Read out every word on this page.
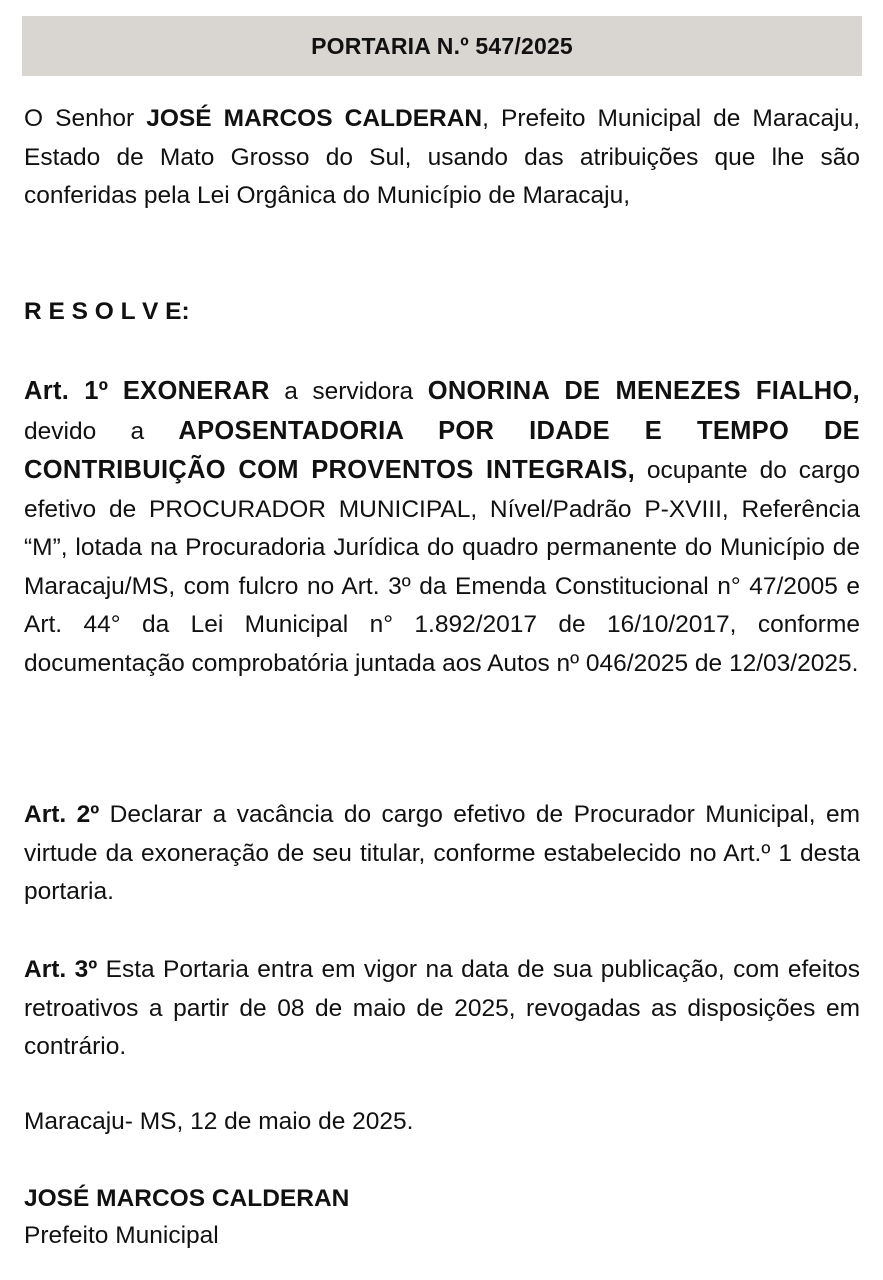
PORTARIA N.º 547/2025
O Senhor JOSÉ MARCOS CALDERAN, Prefeito Municipal de Maracaju, Estado de Mato Grosso do Sul, usando das atribuições que lhe são conferidas pela Lei Orgânica do Município de Maracaju,
R E S O L V E:
Art. 1º EXONERAR a servidora ONORINA DE MENEZES FIALHO, devido a APOSENTADORIA POR IDADE E TEMPO DE CONTRIBUIÇÃO COM PROVENTOS INTEGRAIS, ocupante do cargo efetivo de PROCURADOR MUNICIPAL, Nível/Padrão P-XVIII, Referência “M”, lotada na Procuradoria Jurídica do quadro permanente do Município de Maracaju/MS, com fulcro no Art. 3º da Emenda Constitucional n° 47/2005 e Art. 44° da Lei Municipal n° 1.892/2017 de 16/10/2017, conforme documentação comprobatória juntada aos Autos nº 046/2025 de 12/03/2025.
Art. 2º Declarar a vacância do cargo efetivo de Procurador Municipal, em virtude da exoneração de seu titular, conforme estabelecido no Art.º 1 desta portaria.
Art. 3º Esta Portaria entra em vigor na data de sua publicação, com efeitos retroativos a partir de 08 de maio de 2025, revogadas as disposições em contrário.
Maracaju- MS, 12 de maio de 2025.
JOSÉ MARCOS CALDERAN
Prefeito Municipal
